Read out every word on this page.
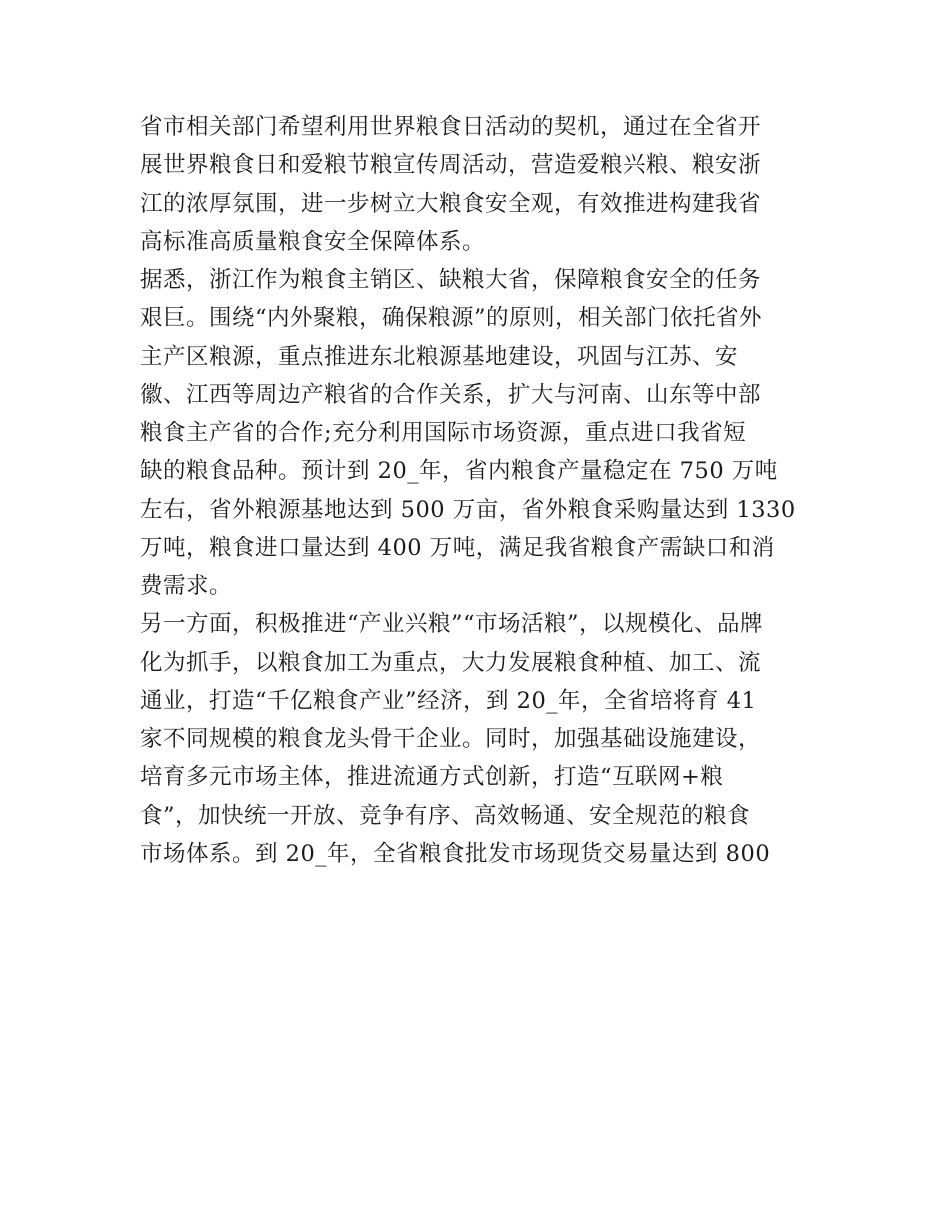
省市相关部门希望利用世界粮食日活动的契机，通过在全省开
展世界粮食日和爱粮节粮宣传周活动，营造爱粮兴粮、粮安浙
江的浓厚氛围，进一步树立大粮食安全观，有效推进构建我省
高标准高质量粮食安全保障体系。
据悉，浙江作为粮食主销区、缺粮大省，保障粮食安全的任务
艰巨。围绕“内外聚粮，确保粮源”的原则，相关部门依托省外
主产区粮源，重点推进东北粮源基地建设，巩固与江苏、安
徽、江西等周边产粮省的合作关系，扩大与河南、山东等中部
粮食主产省的合作;充分利用国际市场资源，重点进口我省短
缺的粮食品种。预计到 20_年，省内粮食产量稳定在 750 万吨
左右，省外粮源基地达到 500 万亩，省外粮食采购量达到 1330
万吨，粮食进口量达到 400 万吨，满足我省粮食产需缺口和消
费需求。
另一方面，积极推进“产业兴粮”“市场活粮”，以规模化、品牌
化为抓手，以粮食加工为重点，大力发展粮食种植、加工、流
通业，打造“千亿粮食产业”经济，到 20_年，全省培将育 41
家不同规模的粮食龙头骨干企业。同时，加强基础设施建设，
培育多元市场主体，推进流通方式创新，打造“互联网+粮
食”，加快统一开放、竞争有序、高效畅通、安全规范的粮食
市场体系。到 20_年，全省粮食批发市场现货交易量达到 800
